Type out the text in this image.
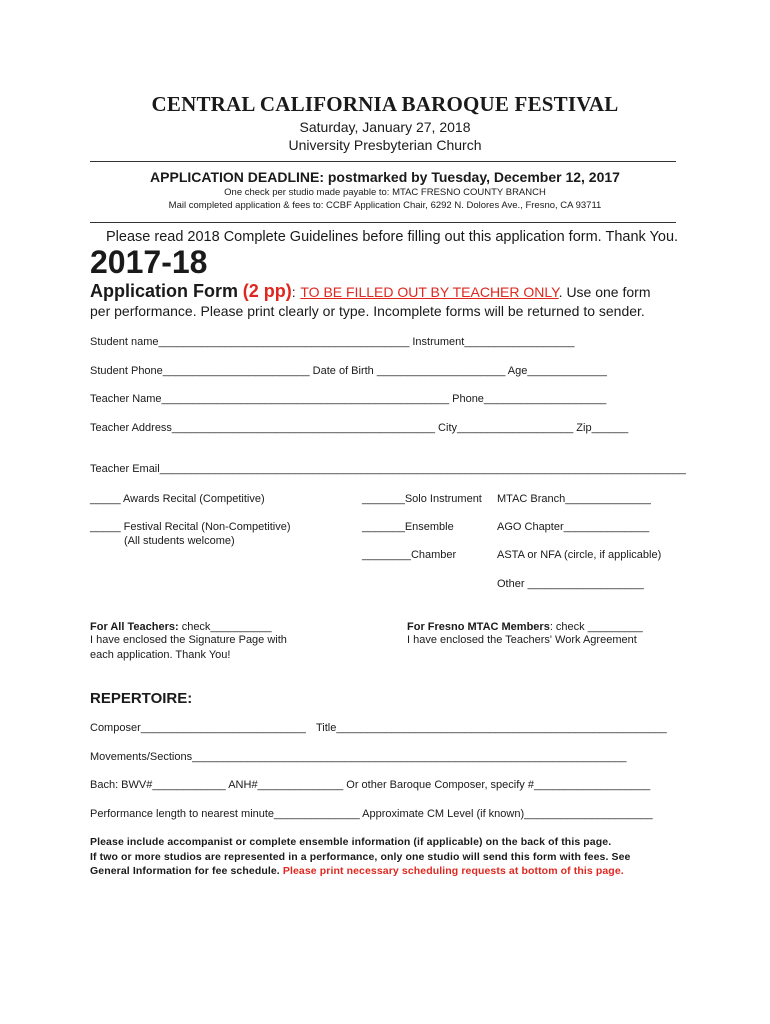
CENTRAL CALIFORNIA BAROQUE FESTIVAL
Saturday, January 27, 2018
University Presbyterian Church
APPLICATION DEADLINE: postmarked by Tuesday, December 12, 2017
One check per studio made payable to: MTAC FRESNO COUNTY BRANCH
Mail completed application & fees to: CCBF Application Chair, 6292 N. Dolores Ave., Fresno, CA 93711
Please read 2018 Complete Guidelines before filling out this application form. Thank You.
2017-18
Application Form (2 pp): TO BE FILLED OUT BY TEACHER ONLY. Use one form
per performance. Please print clearly or type. Incomplete forms will be returned to sender.
Student name_________________________________________ Instrument__________________
Student Phone________________________ Date of Birth _____________________ Age_____________
Teacher Name_______________________________________________ Phone____________________
Teacher Address___________________________________________ City___________________ Zip______
Teacher Email______________________________________________________________________________________
_____ Awards Recital (Competitive)
_____ Festival Recital (Non-Competitive)
(All students welcome)
_______Solo Instrument
_______Ensemble
________Chamber
MTAC Branch______________
AGO Chapter______________
ASTA or NFA (circle, if applicable)
Other ___________________
For All Teachers: check__________
I have enclosed the Signature Page with
each application. Thank You!
For Fresno MTAC Members: check _________
I have enclosed the Teachers' Work Agreement
REPERTOIRE:
Composer___________________________ Title______________________________________________________
Movements/Sections_______________________________________________________________________
Bach: BWV#____________ ANH#______________ Or other Baroque Composer, specify #___________________
Performance length to nearest minute______________ Approximate CM Level (if known)_____________________
Please include accompanist or complete ensemble information (if applicable) on the back of this page.
If two or more studios are represented in a performance, only one studio will send this form with fees. See
General Information for fee schedule. Please print necessary scheduling requests at bottom of this page.
